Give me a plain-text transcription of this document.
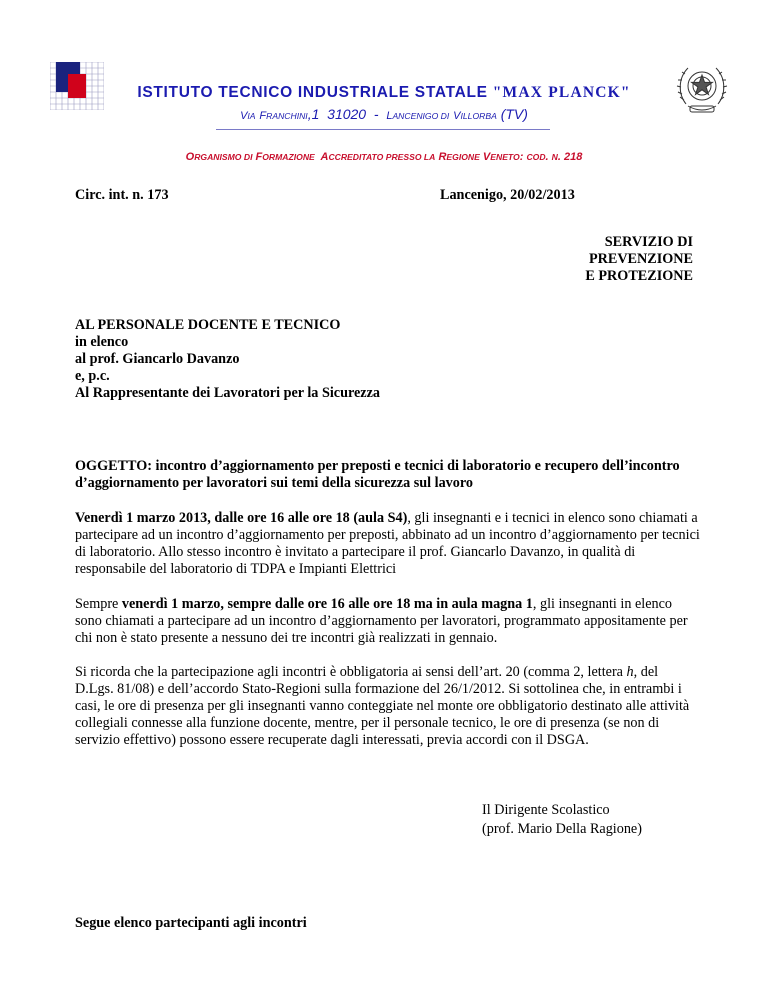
ISTITUTO TECNICO INDUSTRIALE STATALE "MAX PLANCK"
VIA FRANCHINI,1  31020  -  LANCENIGO DI VILLORBA (TV)
ORGANISMO DI FORMAZIONE ACCREDITATO PRESSO LA REGIONE VENETO: COD. N. 218
Circ. int. n. 173	Lancenigo, 20/02/2013
SERVIZIO DI
PREVENZIONE
E PROTEZIONE
AL PERSONALE DOCENTE E TECNICO
in elenco
al prof. Giancarlo Davanzo
e, p.c.
Al Rappresentante dei Lavoratori per la Sicurezza
OGGETTO: incontro d’aggiornamento per preposti e tecnici di laboratorio e recupero dell’incontro d’aggiornamento per lavoratori sui temi della sicurezza sul lavoro
Venerdì 1 marzo 2013, dalle ore 16 alle ore 18 (aula S4), gli insegnanti e i tecnici in elenco sono chiamati a partecipare ad un incontro d’aggiornamento per preposti, abbinato ad un incontro d’aggiornamento per tecnici di laboratorio. Allo stesso incontro è invitato a partecipare il prof. Giancarlo Davanzo, in qualità di responsabile del laboratorio di TDPA e Impianti Elettrici
Sempre venerdì 1 marzo, sempre dalle ore 16 alle ore 18 ma in aula magna 1, gli insegnanti in elenco sono chiamati a partecipare ad un incontro d’aggiornamento per lavoratori, programmato appositamente per chi non è stato presente a nessuno dei tre incontri già realizzati in gennaio.
Si ricorda che la partecipazione agli incontri è obbligatoria ai sensi dell’art. 20 (comma 2, lettera h, del D.Lgs. 81/08) e dell’accordo Stato-Regioni sulla formazione del 26/1/2012. Si sottolinea che, in entrambi i casi, le ore di presenza per gli insegnanti vanno conteggiate nel monte ore obbligatorio destinato alle attività collegiali connesse alla funzione docente, mentre, per il personale tecnico, le ore di presenza (se non di servizio effettivo) possono essere recuperate dagli interessati, previa accordi con il DSGA.
Il Dirigente Scolastico
(prof. Mario Della Ragione)
Segue elenco partecipanti agli incontri
